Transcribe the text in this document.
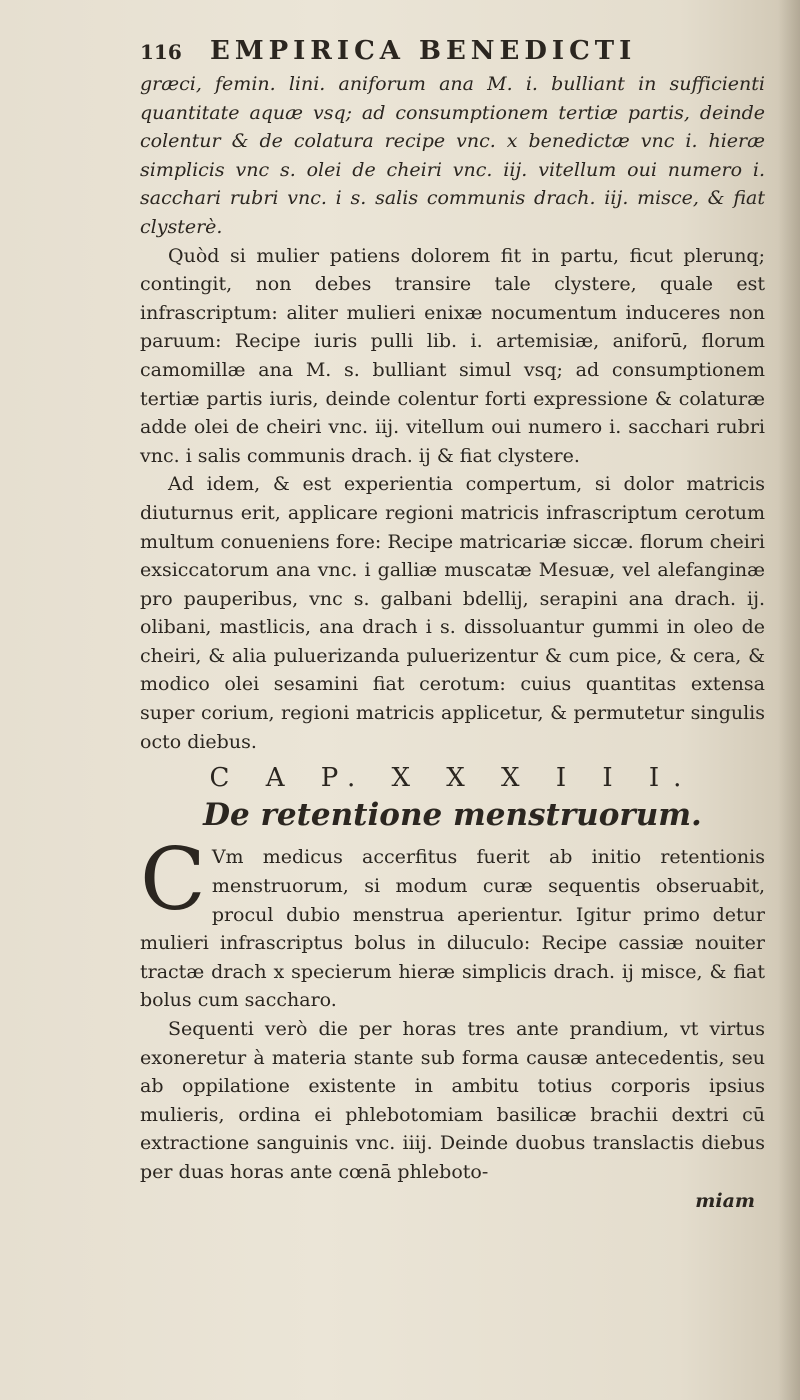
116	EMPIRICA BENEDICTI

græci, femin. lini. aniforum ana M. i. bulliant in sufficienti quantitate aquæ vsq; ad consumptionem tertiæ partis, deinde colentur & de colatura recipe vnc. x benedictæ vnc i. hieræ simplicis vnc s. olei de cheiri vnc. iij. vitellum oui numero i. sacchari rubri vnc. i s. salis communis drach. iij. misce, & fiat clysterè.

Quòd si mulier patiens dolorem fit in partu, ficut plerunq; contingit, non debes transire tale clystere, quale est infrascriptum: aliter mulieri enixæ nocumentum induceres non paruum: Recipe iuris pulli lib. i. artemisiæ, aniforū, florum camomillæ ana M. s. bulliant simul vsq; ad consumptionem tertiæ partis iuris, deinde colentur forti expressione & colaturæ adde olei de cheiri vnc. iij. vitellum oui numero i. sacchari rubri vnc. i salis communis drach. ij & fiat clystere.

Ad idem, & est experientia compertum, si dolor matricis diuturnus erit, applicare regioni matricis infrascriptum cerotum multum conueniens fore: Recipe matricariæ siccæ. florum cheiri exsiccatorum ana vnc. i galliæ muscatæ Mesuæ, vel alefanginæ pro pauperibus, vnc s. galbani bdellij, serapini ana drach. ij. olibani, mastlicis, ana drach i s. dissoluantur gummi in oleo de cheiri, & alia puluerizanda puluerizentur & cum pice, & cera, & modico olei sesamini fiat cerotum: cuius quantitas extensa super corium, regioni matricis applicetur, & permutetur singulis octo diebus.

C A P. X X X I I I.
De retentione menstruorum.

C Vm medicus accerfitus fuerit ab initio retentionis menstruorum, si modum curæ sequentis obseruabit, procul dubio menstrua aperientur. Igitur primo detur mulieri infrascriptus bolus in diluculo: Recipe cassiæ nouiter tractæ drach x specierum hieræ simplicis drach. ij misce, & fiat bolus cum saccharo.

Sequenti verò die per horas tres ante prandium, vt virtus exoneretur à materia stante sub forma causæ antecedentis, seu ab oppilatione existente in ambitu totius corporis ipsius mulieris, ordina ei phlebotomiam basilicæ brachii dextri cū extractione sanguinis vnc. iiij. Deinde duobus translactis diebus per duas horas ante cœnā phleboto-

miam
